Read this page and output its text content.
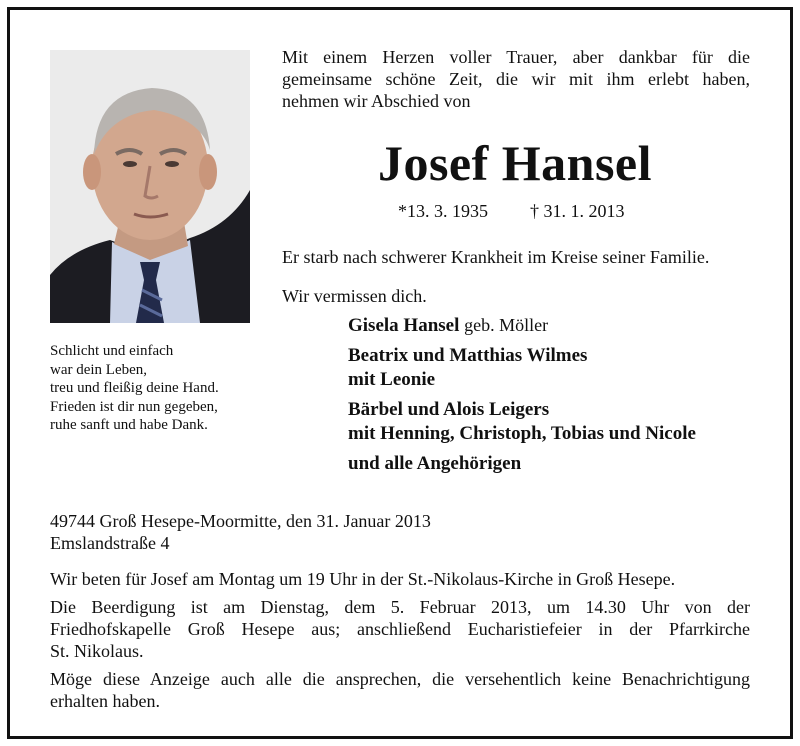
Mit einem Herzen voller Trauer, aber dankbar für die
gemeinsame schöne Zeit, die wir mit ihm erlebt haben,
nehmen wir Abschied von
Josef Hansel
*13. 3. 1935 † 31. 1. 2013
Er starb nach schwerer Krankheit im Kreise seiner Familie.
Wir vermissen dich.
Gisela Hansel geb. Möller
Beatrix und Matthias Wilmes
mit Leonie
Bärbel und Alois Leigers
mit Henning, Christoph, Tobias und Nicole
und alle Angehörigen
Schlicht und einfach
war dein Leben,
treu und fleißig deine Hand.
Frieden ist dir nun gegeben,
ruhe sanft und habe Dank.
49744 Groß Hesepe-Moormitte, den 31. Januar 2013
Emslandstraße 4
Wir beten für Josef am Montag um 19 Uhr in der St.-Nikolaus-Kirche in Groß Hesepe.
Die Beerdigung ist am Dienstag, dem 5. Februar 2013, um 14.30 Uhr von der
Friedhofskapelle Groß Hesepe aus; anschließend Eucharistiefeier in der Pfarrkirche
St. Nikolaus.
Möge diese Anzeige auch alle die ansprechen, die versehentlich keine Benachrichtigung
erhalten haben.
